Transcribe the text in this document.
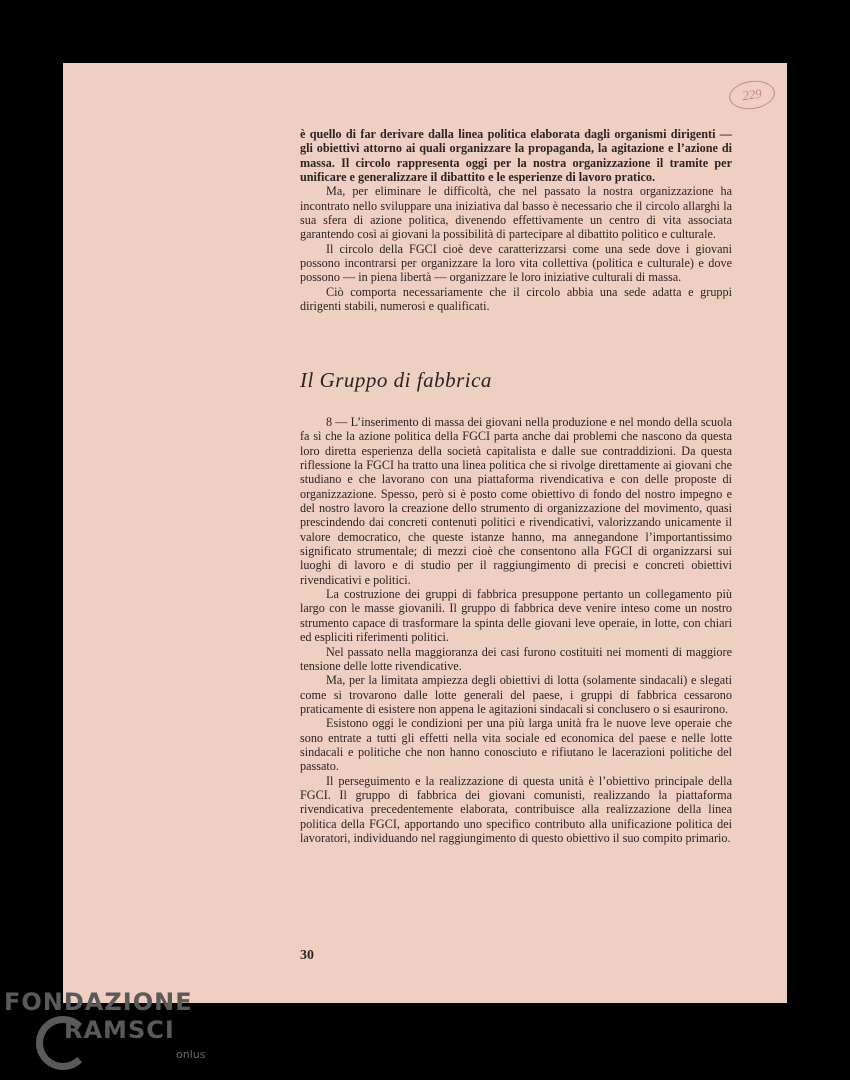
229

è quello di far derivare dalla linea politica elaborata dagli organismi dirigenti — gli obiettivi attorno ai quali organizzare la propaganda, la agitazione e l’azione di massa. Il circolo rappresenta oggi per la nostra organizzazione il tramite per unificare e generalizzare il dibattito e le esperienze di lavoro pratico.

Ma, per eliminare le difficoltà, che nel passato la nostra organizzazione ha incontrato nello sviluppare una iniziativa dal basso è necessario che il circolo allarghi la sua sfera di azione politica, divenendo effettivamente un centro di vita associata garantendo così ai giovani la possibilità di partecipare al dibattito politico e culturale.

Il circolo della FGCI cioè deve caratterizzarsi come una sede dove i giovani possono incontrarsi per organizzare la loro vita collettiva (politica e culturale) e dove possono — in piena libertà — organizzare le loro iniziative culturali di massa.

Ciò comporta necessariamente che il circolo abbia una sede adatta e gruppi dirigenti stabili, numerosi e qualificati.

Il Gruppo di fabbrica

8 — L’inserimento di massa dei giovani nella produzione e nel mondo della scuola fa sì che la azione politica della FGCI parta anche dai problemi che nascono da questa loro diretta esperienza della società capitalista e dalle sue contraddizioni. Da questa riflessione la FGCI ha tratto una linea politica che si rivolge direttamente ai giovani che studiano e che lavorano con una piattaforma rivendicativa e con delle proposte di organizzazione. Spesso, però si è posto come obiettivo di fondo del nostro impegno e del nostro lavoro la creazione dello strumento di organizzazione del movimento, quasi prescindendo dai concreti contenuti politici e rivendicativi, valorizzando unicamente il valore democratico, che queste istanze hanno, ma annegandone l’importantissimo significato strumentale; di mezzi cioè che consentono alla FGCI di organizzarsi sui luoghi di lavoro e di studio per il raggiungimento di precisi e concreti obiettivi rivendicativi e politici.

La costruzione dei gruppi di fabbrica presuppone pertanto un collegamento più largo con le masse giovanili. Il gruppo di fabbrica deve venire inteso come un nostro strumento capace di trasformare la spinta delle giovani leve operaie, in lotte, con chiari ed espliciti riferimenti politici.

Nel passato nella maggioranza dei casi furono costituiti nei momenti di maggiore tensione delle lotte rivendicative.

Ma, per la limitata ampiezza degli obiettivi di lotta (solamente sindacali) e slegati come si trovarono dalle lotte generali del paese, i gruppi di fabbrica cessarono praticamente di esistere non appena le agitazioni sindacali si conclusero o si esaurirono.

Esistono oggi le condizioni per una più larga unità fra le nuove leve operaie che sono entrate a tutti gli effetti nella vita sociale ed economica del paese e nelle lotte sindacali e politiche che non hanno conosciuto e rifiutano le lacerazioni politiche del passato.

Il perseguimento e la realizzazione di questa unità è l’obiettivo principale della FGCI. Il gruppo di fabbrica dei giovani comunisti, realizzando la piattaforma rivendicativa precedentemente elaborata, contribuisce alla realizzazione della linea politica della FGCI, apportando uno specifico contributo alla unificazione politica dei lavoratori, individuando nel raggiungimento di questo obiettivo il suo compito primario.

30
FONDAZIONE
RAMSCI
onlus
